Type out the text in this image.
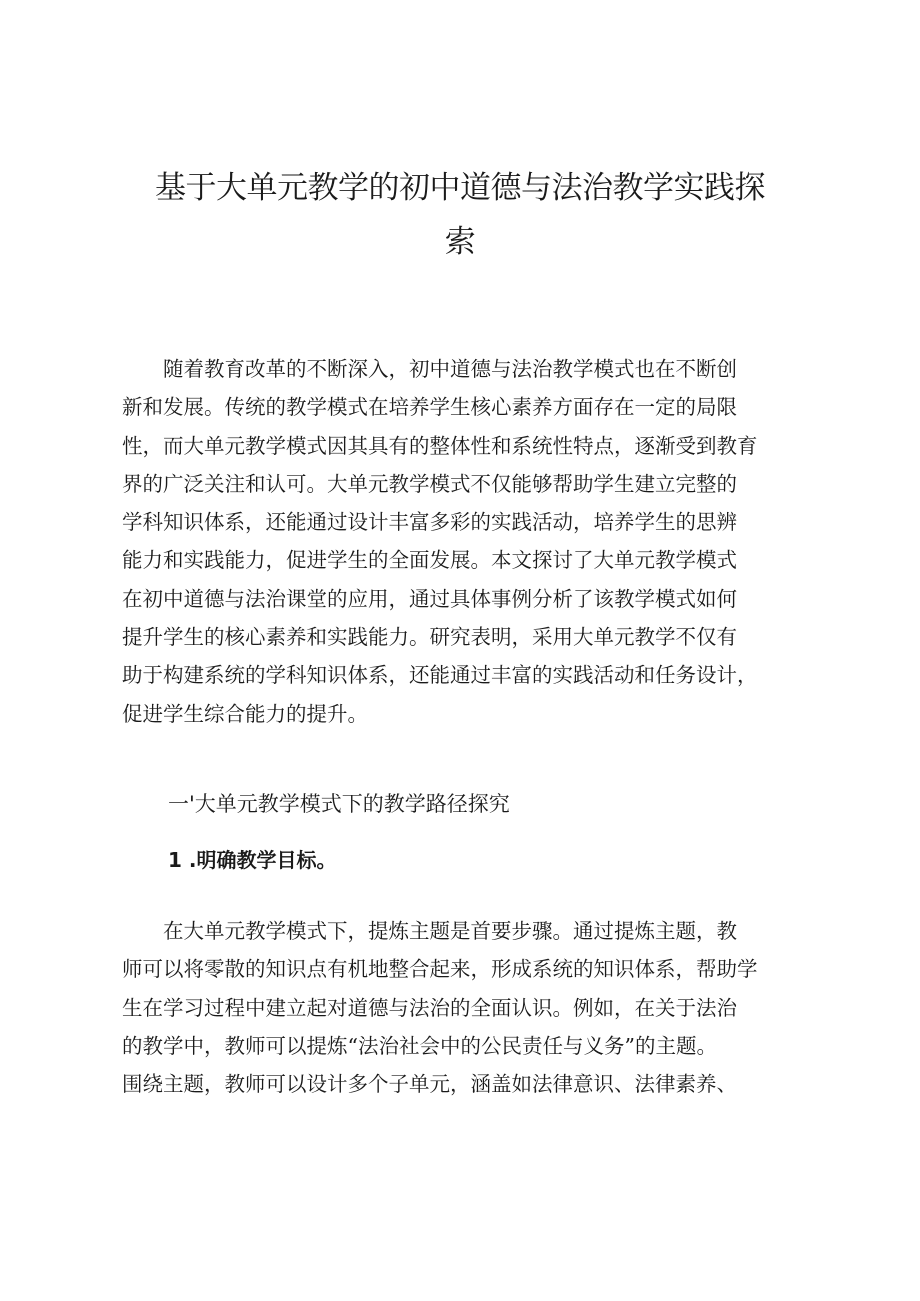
基于大单元教学的初中道德与法治教学实践探
索
　　随着教育改革的不断深入，初中道德与法治教学模式也在不断创
新和发展。传统的教学模式在培养学生核心素养方面存在一定的局限
性，而大单元教学模式因其具有的整体性和系统性特点，逐渐受到教育
界的广泛关注和认可。大单元教学模式不仅能够帮助学生建立完整的
学科知识体系，还能通过设计丰富多彩的实践活动，培养学生的思辨
能力和实践能力，促进学生的全面发展。本文探讨了大单元教学模式
在初中道德与法治课堂的应用，通过具体事例分析了该教学模式如何
提升学生的核心素养和实践能力。研究表明，采用大单元教学不仅有
助于构建系统的学科知识体系，还能通过丰富的实践活动和任务设计，
促进学生综合能力的提升。
一'大单元教学模式下的教学路径探究
1 .明确教学目标。
　　在大单元教学模式下，提炼主题是首要步骤。通过提炼主题，教
师可以将零散的知识点有机地整合起来，形成系统的知识体系，帮助学
生在学习过程中建立起对道德与法治的全面认识。例如，在关于法治
的教学中，教师可以提炼“法治社会中的公民责任与义务”的主题。
围绕主题，教师可以设计多个子单元，涵盖如法律意识、法律素养、
